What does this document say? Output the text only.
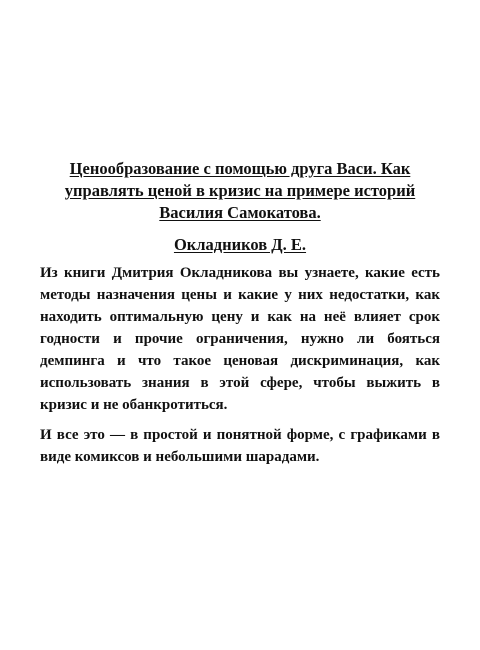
Ценообразование с помощью друга Васи. Как управлять ценой в кризис на примере историй Василия Самокатова.

Окладников Д. Е.

Из книги Дмитрия Окладникова вы узнаете, какие есть методы назначения цены и какие у них недостатки, как находить оптимальную цену и как на неё влияет срок годности и прочие ограничения, нужно ли бояться демпинга и что такое ценовая дискриминация, как использовать знания в этой сфере, чтобы выжить в кризис и не обанкротиться.

И все это — в простой и понятной форме, с графиками в виде комиксов и небольшими шарадами.
